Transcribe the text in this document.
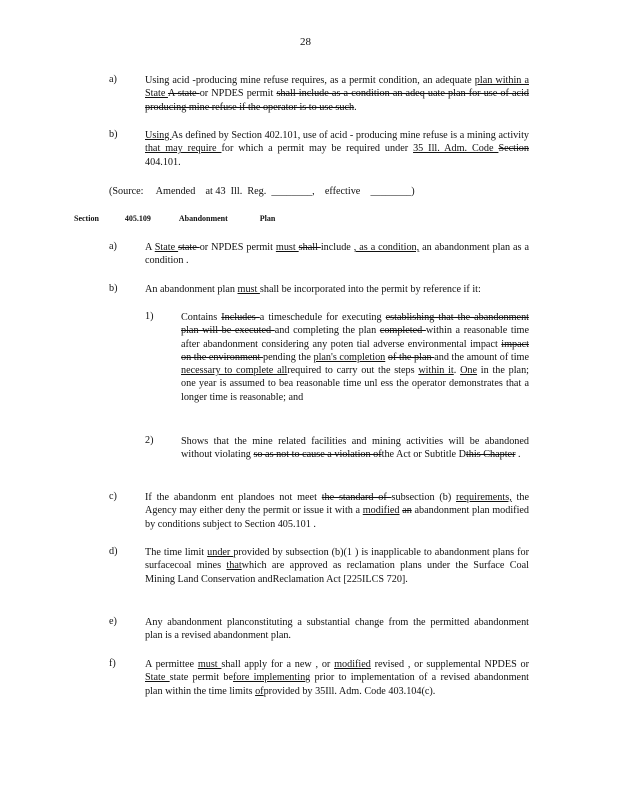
28
a)	Using acid -producing mine refuse requires, as a permit condition, an adequate plan within a State A state or NPDES permit shall include as a condition an adeq uate plan for use of acid producing mine refuse if the operator is to use such.
b)	Using As defined by Section 402.101, use of acid - producing mine refuse is a mining activity that may require for which a permit may be required under 35 Ill. Adm. Code Section 404.101.
(Source:     Amended    at 43  Ill.  Reg.  ________,    effective    ________)
Section	405.109	Abandonment	Plan
a)	A State state or NPDES permit must shall include , as a condition, an abandonment plan as a condition .
b)	An abandonment plan must shall be incorporated into the permit by reference if it:
1)	Contains Includes a timeschedule for executing establishing that the abandonment plan will be executed and completing the plan completed within a reasonable time after abandonment considering any poten tial adverse environmental impact impact on the environment pending the plan's completion of the plan and the amount of time necessary to complete allrequired to carry out the steps within it. One in the plan; one year is assumed to bea reasonable time unl ess the operator demonstrates that a longer time is reasonable; and
2)	Shows that the mine related facilities and mining activities will be abandoned without violating so as not to cause a violation ofthe Act or Subtitle Dthis Chapter .
c)	If the abandonm ent plandoes not meet the standard of subsection (b) requirements, the Agency may either deny the permit or issue it with a modified an abandonment plan modified by conditions subject to Section 405.101 .
d)	The time limit under provided by subsection (b)(1 ) is inapplicable to abandonment plans for surfacecoal mines thatwhich are approved as reclamation plans under the Surface Coal Mining Land Conservation andReclamation Act [225ILCS 720].
e)	Any abandonment planconstituting a substantial change from the permitted abandonment plan is a revised abandonment plan.
f)	A permittee must shall apply for a new , or modified revised , or supplemental NPDES or State state permit before implementing prior to implementation of a revised abandonment plan within the time limits ofprovided by 35Ill. Adm. Code 403.104(c).
